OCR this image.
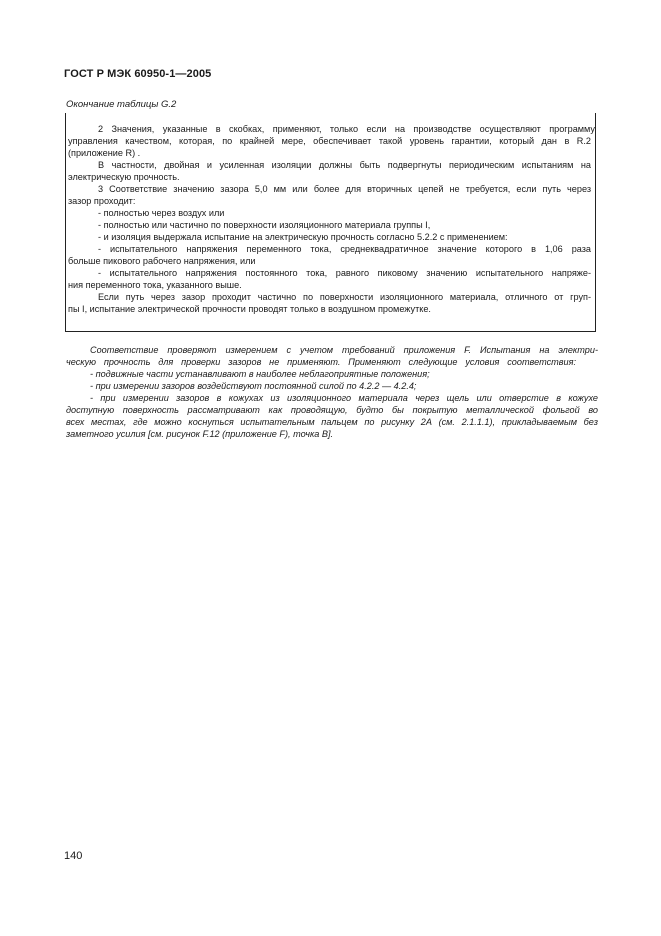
ГОСТ Р МЭК 60950-1—2005
Окончание таблицы G.2
2 Значения, указанные в скобках, применяют, только если на производстве осуществляют программу
управления качеством, которая, по крайней мере, обеспечивает такой уровень гарантии, который дан в R.2
(приложение R) .
В частности, двойная и усиленная изоляции должны быть подвергнуты периодическим испытаниям на
электрическую прочность.
3 Соответствие значению зазора 5,0 мм или более для вторичных цепей не требуется, если путь через
зазор проходит:
- полностью через воздух или
- полностью или частично по поверхности изоляционного материала группы I,
- и изоляция выдержала испытание на электрическую прочность согласно 5.2.2 с применением:
- испытательного напряжения переменного тока, среднеквадратичное значение которого в 1,06 раза
больше пикового рабочего напряжения, или
- испытательного напряжения постоянного тока, равного пиковому значению испытательного напряже-
ния переменного тока, указанного выше.
Если путь через зазор проходит частично по поверхности изоляционного материала, отличного от груп-
пы I, испытание электрической прочности проводят только в воздушном промежутке.
Соответствие проверяют измерением с учетом требований приложения F. Испытания на электри-
ческую прочность для проверки зазоров не применяют. Применяют следующие условия соответствия:
- подвижные части устанавливают в наиболее неблагоприятные положения;
- при измерении зазоров воздействуют постоянной силой по 4.2.2 — 4.2.4;
- при измерении зазоров в кожухах из изоляционного материала через щель или отверстие в кожухе
доступную поверхность рассматривают как проводящую, будто бы покрытую металлической фольгой во
всех местах, где можно коснуться испытательным пальцем по рисунку 2А (см. 2.1.1.1), прикладываемым без
заметного усилия [см. рисунок F.12 (приложение F), точка B].
140
